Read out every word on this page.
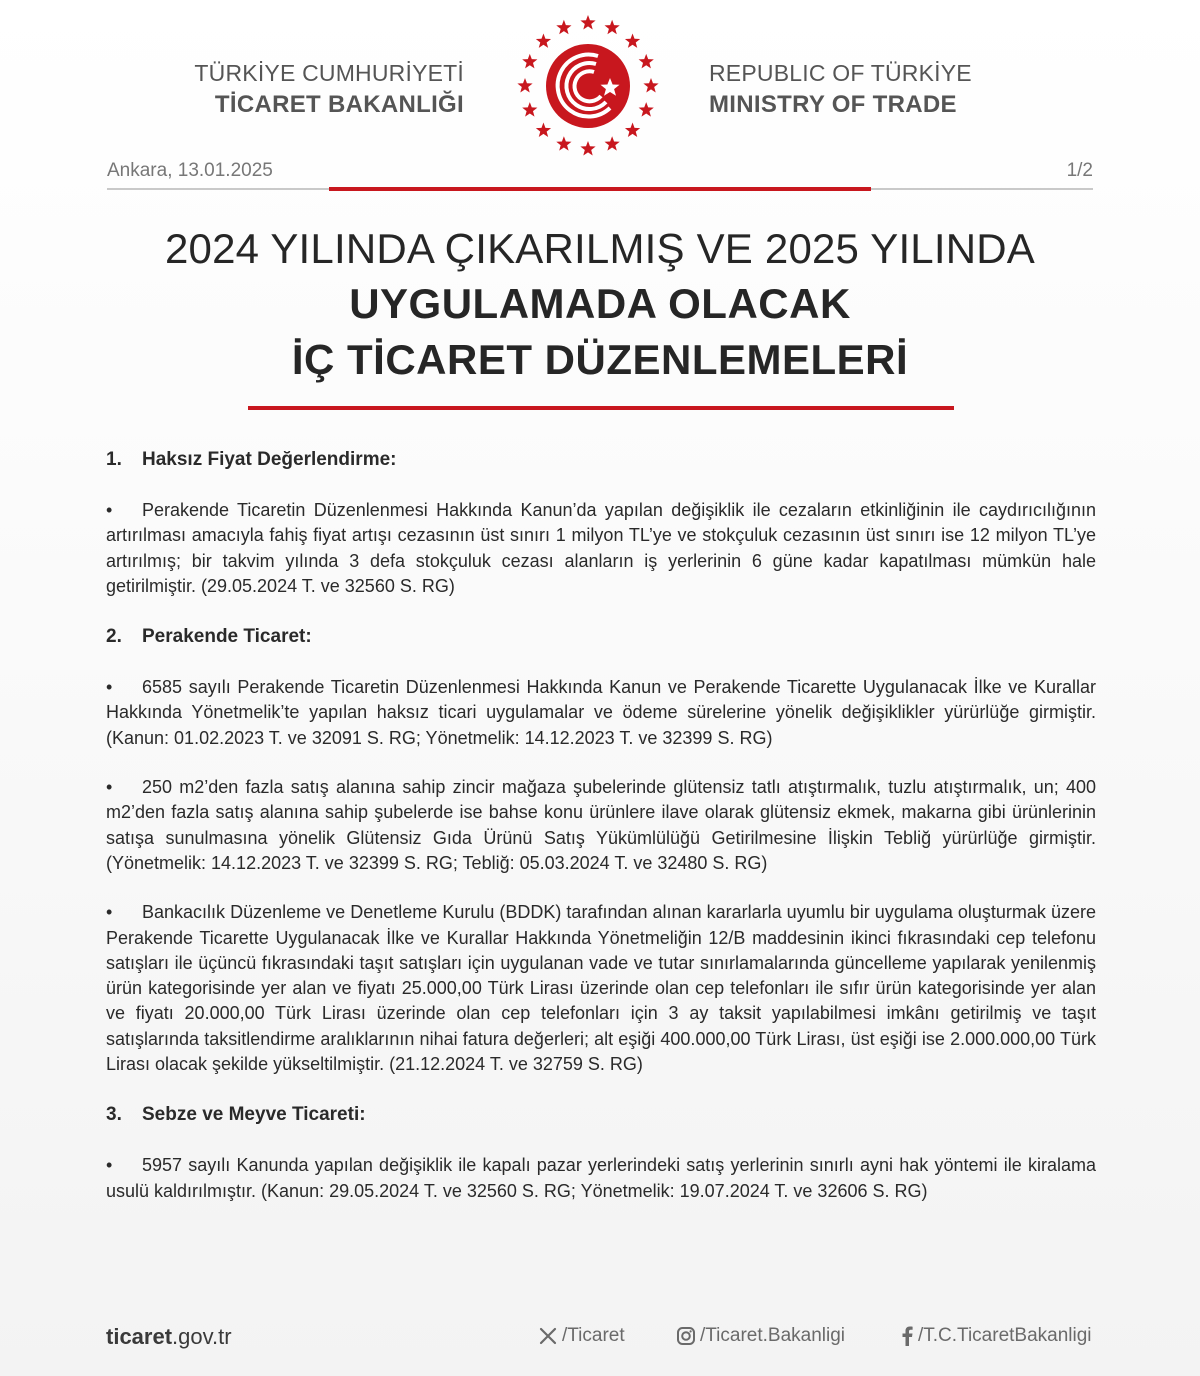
TÜRKİYE CUMHURİYETİ
TİCARET BAKANLIĞI
REPUBLIC OF TÜRKİYE
MINISTRY OF TRADE
Ankara, 13.01.2025	1/2
2024 YILINDA ÇIKARILMIŞ VE 2025 YILINDA
UYGULAMADA OLACAK
İÇ TİCARET DÜZENLEMELERİ
1.	Haksız Fiyat Değerlendirme:

• Perakende Ticaretin Düzenlenmesi Hakkında Kanun’da yapılan değişiklik ile cezaların etkinliğinin ile caydırıcılığının artırılması amacıyla fahiş fiyat artışı cezasının üst sınırı 1 milyon TL’ye ve stokçuluk cezasının üst sınırı ise 12 milyon TL’ye artırılmış; bir takvim yılında 3 defa stokçuluk cezası alanların iş yerlerinin 6 güne kadar kapatılması mümkün hale getirilmiştir. (29.05.2024 T. ve 32560 S. RG)

2.	Perakende Ticaret:

• 6585 sayılı Perakende Ticaretin Düzenlenmesi Hakkında Kanun ve Perakende Ticarette Uygulanacak İlke ve Kurallar Hakkında Yönetmelik’te yapılan haksız ticari uygulamalar ve ödeme sürelerine yönelik değişiklikler yürürlüğe girmiştir. (Kanun: 01.02.2023 T. ve 32091 S. RG; Yönetmelik: 14.12.2023 T. ve 32399 S. RG)

• 250 m2’den fazla satış alanına sahip zincir mağaza şubelerinde glütensiz tatlı atıştırmalık, tuzlu atıştırmalık, un; 400 m2’den fazla satış alanına sahip şubelerde ise bahse konu ürünlere ilave olarak glütensiz ekmek, makarna gibi ürünlerinin satışa sunulmasına yönelik Glütensiz Gıda Ürünü Satış Yükümlülüğü Getirilmesine İlişkin Tebliğ yürürlüğe girmiştir. (Yönetmelik: 14.12.2023 T. ve 32399 S. RG; Tebliğ: 05.03.2024 T. ve 32480 S. RG)

• Bankacılık Düzenleme ve Denetleme Kurulu (BDDK) tarafından alınan kararlarla uyumlu bir uygulama oluşturmak üzere Perakende Ticarette Uygulanacak İlke ve Kurallar Hakkında Yönetmeliğin 12/B maddesinin ikinci fıkrasındaki cep telefonu satışları ile üçüncü fıkrasındaki taşıt satışları için uygulanan vade ve tutar sınırlamalarında güncelleme yapılarak yenilenmiş ürün kategorisinde yer alan ve fiyatı 25.000,00 Türk Lirası üzerinde olan cep telefonları ile sıfır ürün kategorisinde yer alan ve fiyatı 20.000,00 Türk Lirası üzerinde olan cep telefonları için 3 ay taksit yapılabilmesi imkânı getirilmiş ve taşıt satışlarında taksitlendirme aralıklarının nihai fatura değerleri; alt eşiği 400.000,00 Türk Lirası, üst eşiği ise 2.000.000,00 Türk Lirası olacak şekilde yükseltilmiştir. (21.12.2024 T. ve 32759 S. RG)

3.	Sebze ve Meyve Ticareti:

• 5957 sayılı Kanunda yapılan değişiklik ile kapalı pazar yerlerindeki satış yerlerinin sınırlı ayni hak yöntemi ile kiralama usulü kaldırılmıştır. (Kanun: 29.05.2024 T. ve 32560 S. RG; Yönetmelik: 19.07.2024 T. ve 32606 S. RG)

ticaret.gov.tr	/Ticaret	/Ticaret.Bakanligi	/T.C.TicaretBakanligi
